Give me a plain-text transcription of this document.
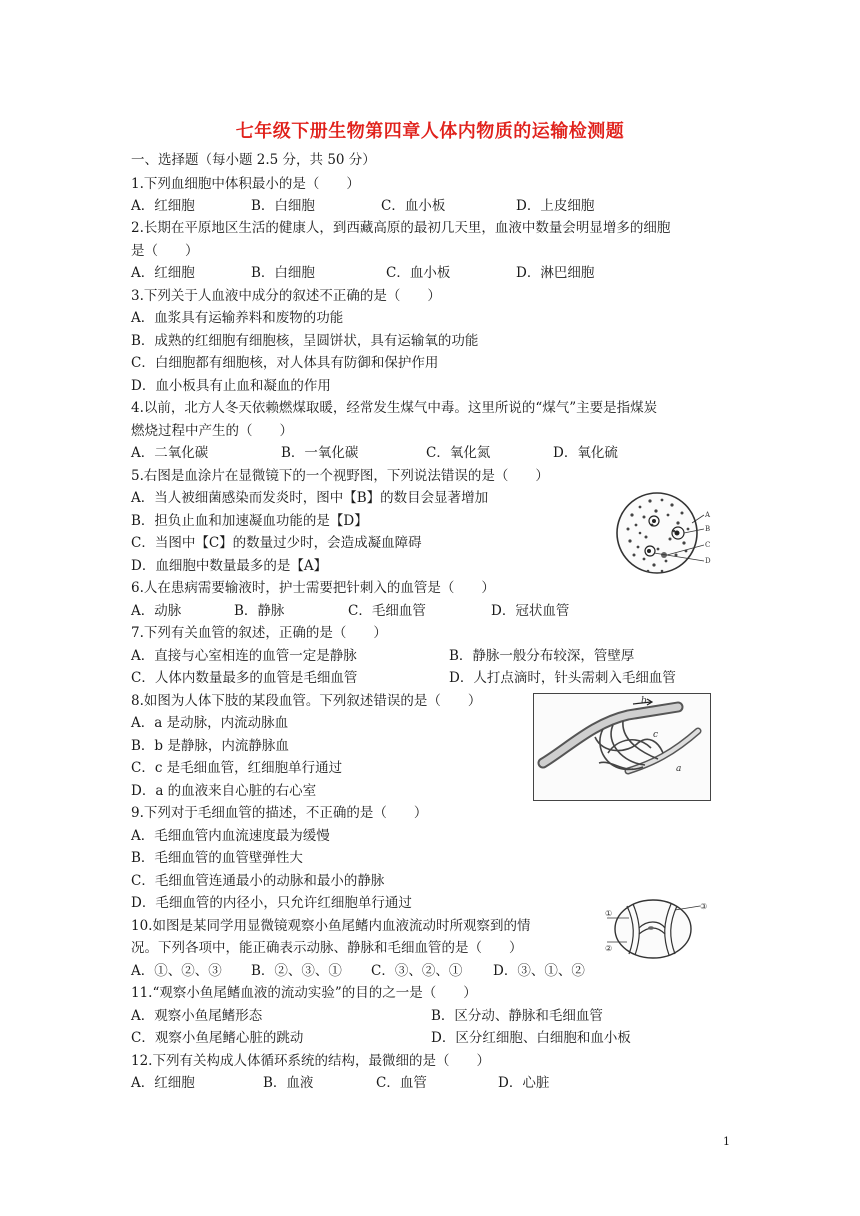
七年级下册生物第四章人体内物质的运输检测题
一、选择题（每小题 2.5 分，共 50 分）
1.下列血细胞中体积最小的是（　　）
A．红细胞	B．白细胞	C．血小板	D．上皮细胞
2.长期在平原地区生活的健康人，到西藏高原的最初几天里，血液中数量会明显增多的细胞
是（　　）
A．红细胞	B．白细胞	C．血小板	D．淋巴细胞
3.下列关于人血液中成分的叙述不正确的是（　　）
A．血浆具有运输养料和废物的功能
B．成熟的红细胞有细胞核，呈圆饼状，具有运输氧的功能
C．白细胞都有细胞核，对人体具有防御和保护作用
D．血小板具有止血和凝血的作用
4.以前，北方人冬天依赖燃煤取暖，经常发生煤气中毒。这里所说的“煤气”主要是指煤炭
燃烧过程中产生的（　　）
A．二氧化碳	B．一氧化碳	C．氧化氮	D．氧化硫
5.右图是血涂片在显微镜下的一个视野图，下列说法错误的是（　　）
A．当人被细菌感染而发炎时，图中【B】的数目会显著增加
B．担负止血和加速凝血功能的是【D】
C．当图中【C】的数量过少时，会造成凝血障碍
D．血细胞中数量最多的是【A】
A
B
C
D
6.人在患病需要输液时，护士需要把针刺入的血管是（　　）
A．动脉	B．静脉	C．毛细血管	D．冠状血管
7.下列有关血管的叙述，正确的是（　　）
A．直接与心室相连的血管一定是静脉	B．静脉一般分布较深，管壁厚
C．人体内数量最多的血管是毛细血管	D．人打点滴时，针头需刺入毛细血管
8.如图为人体下肢的某段血管。下列叙述错误的是（　　）
A．a 是动脉，内流动脉血
B．b 是静脉，内流静脉血
C．c 是毛细血管，红细胞单行通过
D．a 的血液来自心脏的右心室
b
a
c
9.下列对于毛细血管的描述，不正确的是（　　）
A．毛细血管内血流速度最为缓慢
B．毛细血管的血管壁弹性大
C．毛细血管连通最小的动脉和最小的静脉
D．毛细血管的内径小，只允许红细胞单行通过
10.如图是某同学用显微镜观察小鱼尾鳍内血液流动时所观察到的情
况。下列各项中，能正确表示动脉、静脉和毛细血管的是（　　）
A．①、②、③ B．②、③、① C．③、②、① D．③、①、②
①
②
③
11.“观察小鱼尾鳍血液的流动实验”的目的之一是（　　）
A．观察小鱼尾鳍形态	B．区分动、静脉和毛细血管
C．观察小鱼尾鳍心脏的跳动	D．区分红细胞、白细胞和血小板
12.下列有关构成人体循环系统的结构，最微细的是（　　）
A．红细胞	B．血液	C．血管	D．心脏
1
